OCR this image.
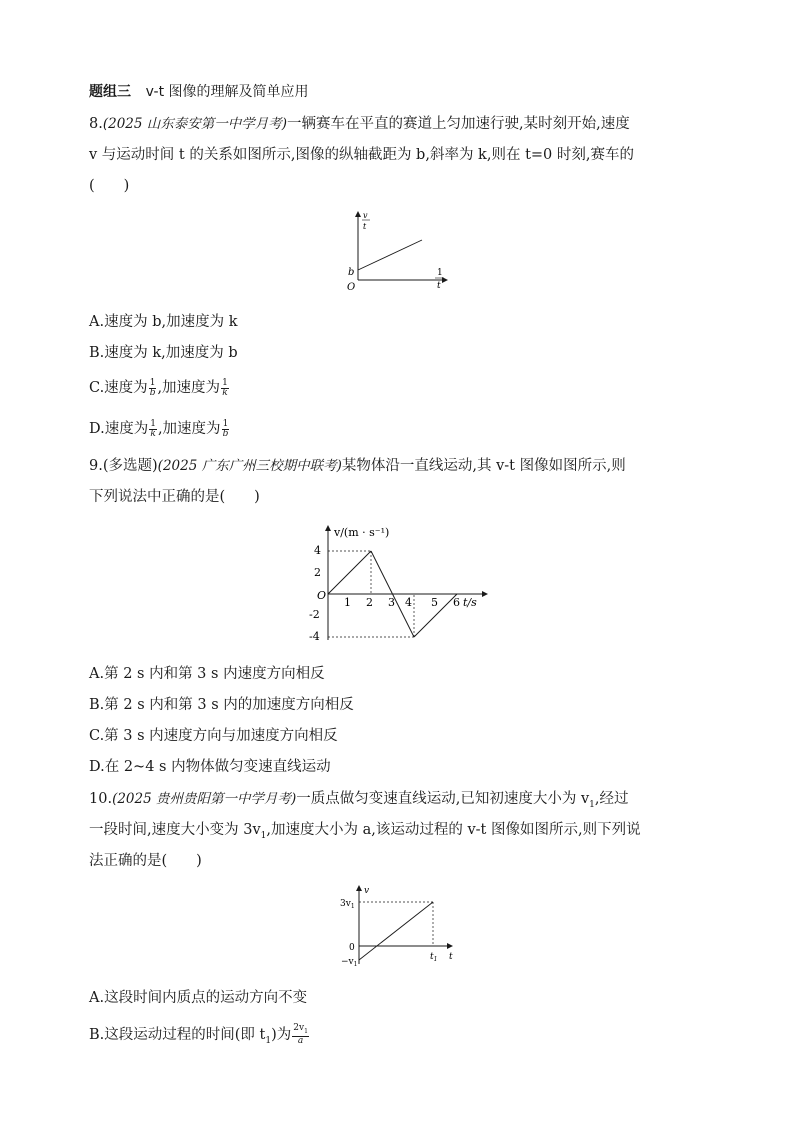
题组三 v-t 图像的理解及简单应用
8.(2025 山东泰安第一中学月考)一辆赛车在平直的赛道上匀加速行驶,某时刻开始,速度
v 与运动时间 t 的关系如图所示,图像的纵轴截距为 b,斜率为 k,则在 t=0 时刻,赛车的
(　　)
v
t
b
O
1
t
A.速度为 b,加速度为 k
B.速度为 k,加速度为 b
C.速度为 $\frac{1}{b}$ ,加速度为 $\frac{1}{k}$
D.速度为 $\frac{1}{k}$ ,加速度为 $\frac{1}{b}$
9.(多选题)(2025 广东广州三校期中联考)某物体沿一直线运动,其 v-t 图像如图所示,则
下列说法中正确的是(　　)
v/(m · s⁻¹)
t/s
O
4
2
-2
-4
1 2 3 4 5 6
A.第 2 s 内和第 3 s 内速度方向相反
B.第 2 s 内和第 3 s 内的加速度方向相反
C.第 3 s 内速度方向与加速度方向相反
D.在 2~4 s 内物体做匀变速直线运动
10.(2025 贵州贵阳第一中学月考)一质点做匀变速直线运动,已知初速度大小为 $v_1$,经过
一段时间,速度大小变为 $3v_1$,加速度大小为 a,该运动过程的 v-t 图像如图所示,则下列说
法正确的是(　　)
v
$3v_1$
0
$-v_1$
$t_1$ t
A.这段时间内质点的运动方向不变
B.这段运动过程的时间(即 $t_1$)为 $\frac{2v_1}{a}$
